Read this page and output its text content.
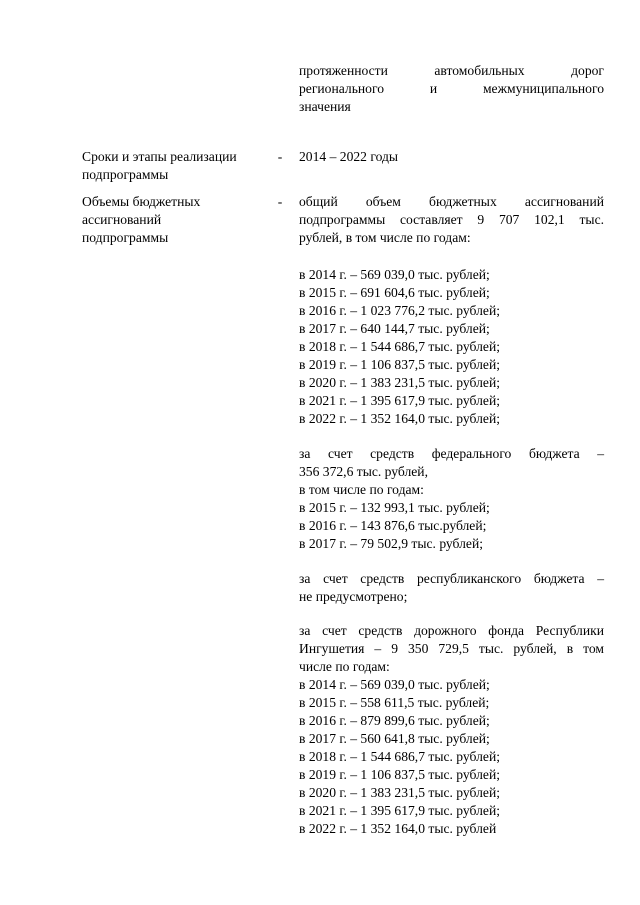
протяженности автомобильных дорог
регионального и межмуниципального
значения
Сроки и этапы реализации
подпрограммы
- 2014 – 2022 годы
Объемы бюджетных
ассигнований
подпрограммы
- общий объем бюджетных ассигнований
подпрограммы составляет 9 707 102,1 тыс.
рублей, в том числе по годам:
в 2014 г. – 569 039,0 тыс. рублей;
в 2015 г. – 691 604,6 тыс. рублей;
в 2016 г. – 1 023 776,2 тыс. рублей;
в 2017 г. – 640 144,7 тыс. рублей;
в 2018 г. – 1 544 686,7 тыс. рублей;
в 2019 г. – 1 106 837,5 тыс. рублей;
в 2020 г. – 1 383 231,5 тыс. рублей;
в 2021 г. – 1 395 617,9 тыс. рублей;
в 2022 г. – 1 352 164,0 тыс. рублей;
за счет средств федерального бюджета –
356 372,6 тыс. рублей,
в том числе по годам:
в 2015 г. – 132 993,1 тыс. рублей;
в 2016 г. – 143 876,6 тыс.рублей;
в 2017 г. – 79 502,9 тыс. рублей;
за счет средств республиканского бюджета –
не предусмотрено;
за счет средств дорожного фонда Республики
Ингушетия – 9 350 729,5 тыс. рублей, в том
числе по годам:
в 2014 г. – 569 039,0 тыс. рублей;
в 2015 г. – 558 611,5 тыс. рублей;
в 2016 г. – 879 899,6 тыс. рублей;
в 2017 г. – 560 641,8 тыс. рублей;
в 2018 г. – 1 544 686,7 тыс. рублей;
в 2019 г. – 1 106 837,5 тыс. рублей;
в 2020 г. – 1 383 231,5 тыс. рублей;
в 2021 г. – 1 395 617,9 тыс. рублей;
в 2022 г. – 1 352 164,0 тыс. рублей
